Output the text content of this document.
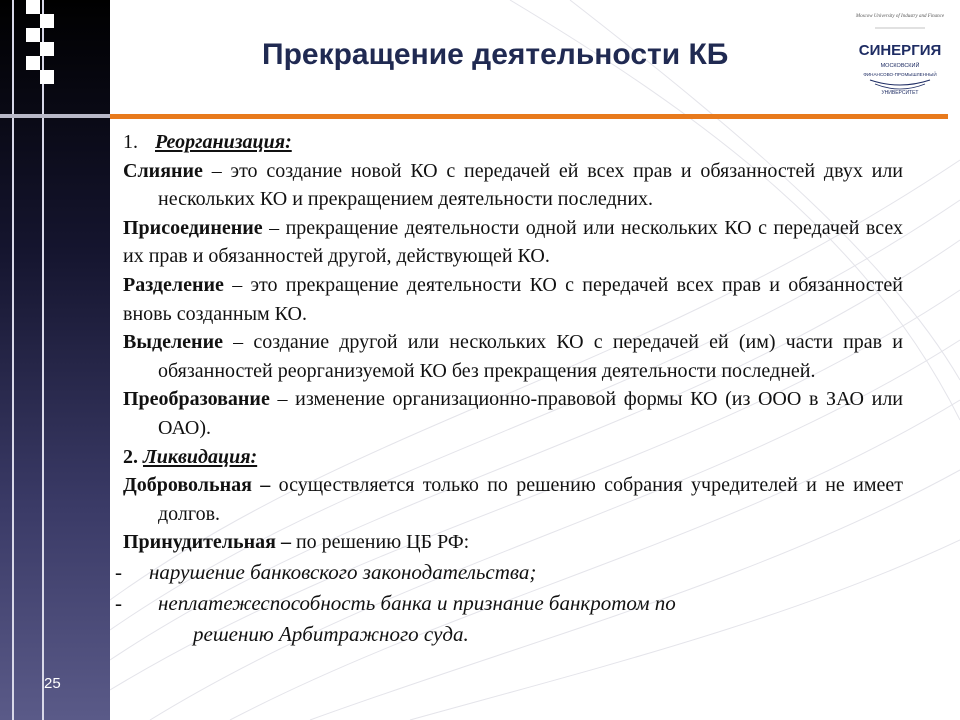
25
Прекращение деятельности КБ
Moscow University of Industry and Finance
СИНЕРГИЯ
МОСКОВСКИЙ
ФИНАНСОВО-ПРОМЫШЛЕННЫЙ
УНИВЕРСИТЕТ

1. Реорганизация:

Слияние – это создание новой КО с передачей ей всех прав и обязанностей двух или нескольких КО и прекращением деятельности последних.

Присоединение – прекращение деятельности одной или нескольких КО с передачей всех их прав и обязанностей другой, действующей КО.

Разделение – это прекращение деятельности КО с передачей всех прав и обязанностей вновь созданным КО.

Выделение – создание другой или нескольких КО с передачей ей (им) части прав и обязанностей реорганизуемой КО без прекращения деятельности последней.

Преобразование – изменение организационно-правовой формы КО (из ООО в ЗАО или ОАО).

2. Ликвидация:

Добровольная – осуществляется только по решению собрания учредителей и не имеет долгов.

Принудительная – по решению ЦБ РФ:

- нарушение банковского законодательства;

- неплатежеспособность банка и признание банкротом по

решению Арбитражного суда.
